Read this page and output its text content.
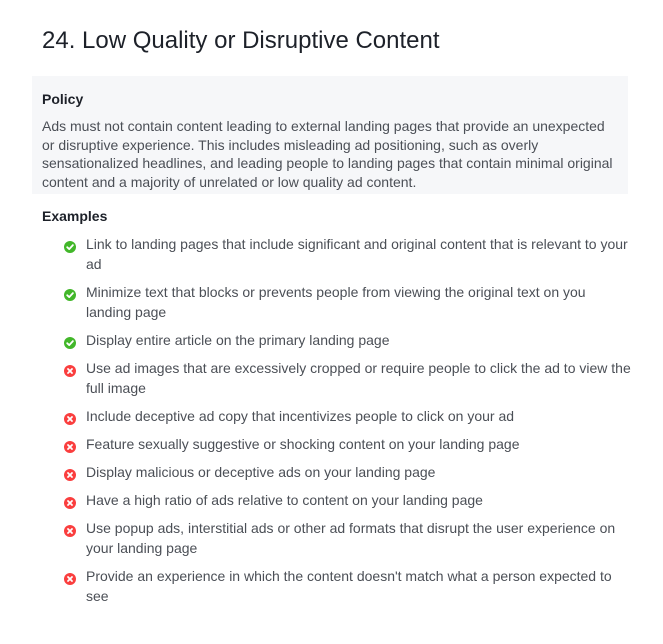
24. Low Quality or Disruptive Content
Policy

Ads must not contain content leading to external landing pages that provide an unexpected or disruptive experience. This includes misleading ad positioning, such as overly sensationalized headlines, and leading people to landing pages that contain minimal original content and a majority of unrelated or low quality ad content.

Examples
Link to landing pages that include significant and original content that is relevant to your ad
Minimize text that blocks or prevents people from viewing the original text on you landing page
Display entire article on the primary landing page
Use ad images that are excessively cropped or require people to click the ad to view the full image
Include deceptive ad copy that incentivizes people to click on your ad
Feature sexually suggestive or shocking content on your landing page
Display malicious or deceptive ads on your landing page
Have a high ratio of ads relative to content on your landing page
Use popup ads, interstitial ads or other ad formats that disrupt the user experience on your landing page
Provide an experience in which the content doesn't match what a person expected to see
